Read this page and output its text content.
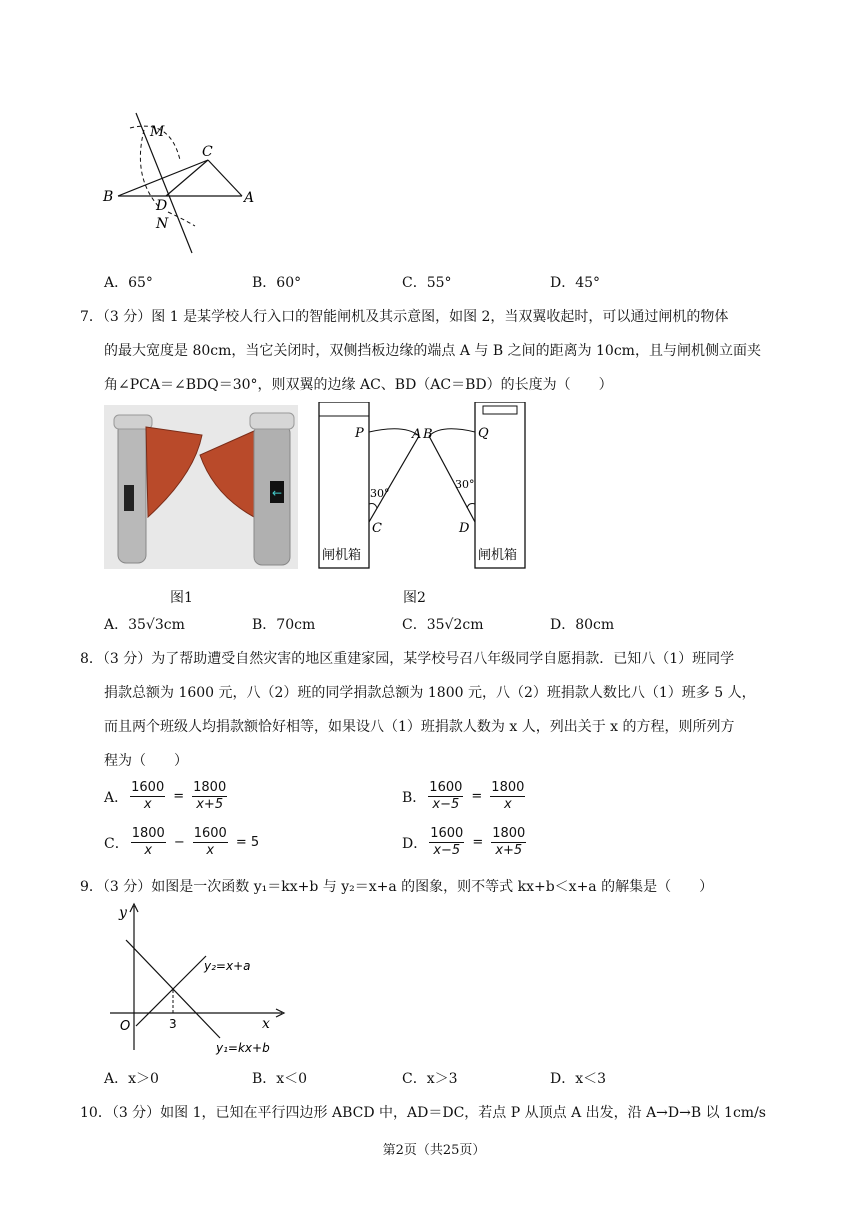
M
C
B
D	A
N
A．65°	B．60°	C．55°	D．45°
7．（3 分）图 1 是某学校人行入口的智能闸机及其示意图，如图 2，当双翼收起时，可以通过闸机的物体
的最大宽度是 80cm，当它关闭时，双侧挡板边缘的端点 A 与 B 之间的距离为 10cm，且与闸机侧立面夹
角∠PCA＝∠BDQ＝30°，则双翼的边缘 AC、BD（AC＝BD）的长度为（　　）
←
P	A B	Q
30°
30°
C	D
闸机箱	闸机箱
图1	图2
A．35√3cm	B．70cm	C．35√2cm	D．80cm
8．（3 分）为了帮助遭受自然灾害的地区重建家园，某学校号召八年级同学自愿捐款．已知八（1）班同学
捐款总额为 1600 元，八（2）班的同学捐款总额为 1800 元，八（2）班捐款人数比八（1）班多 5 人，
而且两个班级人均捐款额恰好相等，如果设八（1）班捐款人数为 x 人，列出关于 x 的方程，则所列方
程为（　　）
A． $\frac{1600}{x} = \frac{1800}{x+5}$	B． $\frac{1600}{x-5} = \frac{1800}{x}$
C． $\frac{1800}{x} - \frac{1600}{x} = 5$	D． $\frac{1600}{x-5} = \frac{1800}{x+5}$
9．（3 分）如图是一次函数 y₁＝kx+b 与 y₂＝x+a 的图象，则不等式 kx+b＜x+a 的解集是（　　）
y
x
O	3
y₂=x+a
y₁=kx+b
A．x＞0	B．x＜0	C．x＞3	D．x＜3
10．（3 分）如图 1，已知在平行四边形 ABCD 中，AD＝DC，若点 P 从顶点 A 出发，沿 A→D→B 以 1cm/s
第2页（共25页）
